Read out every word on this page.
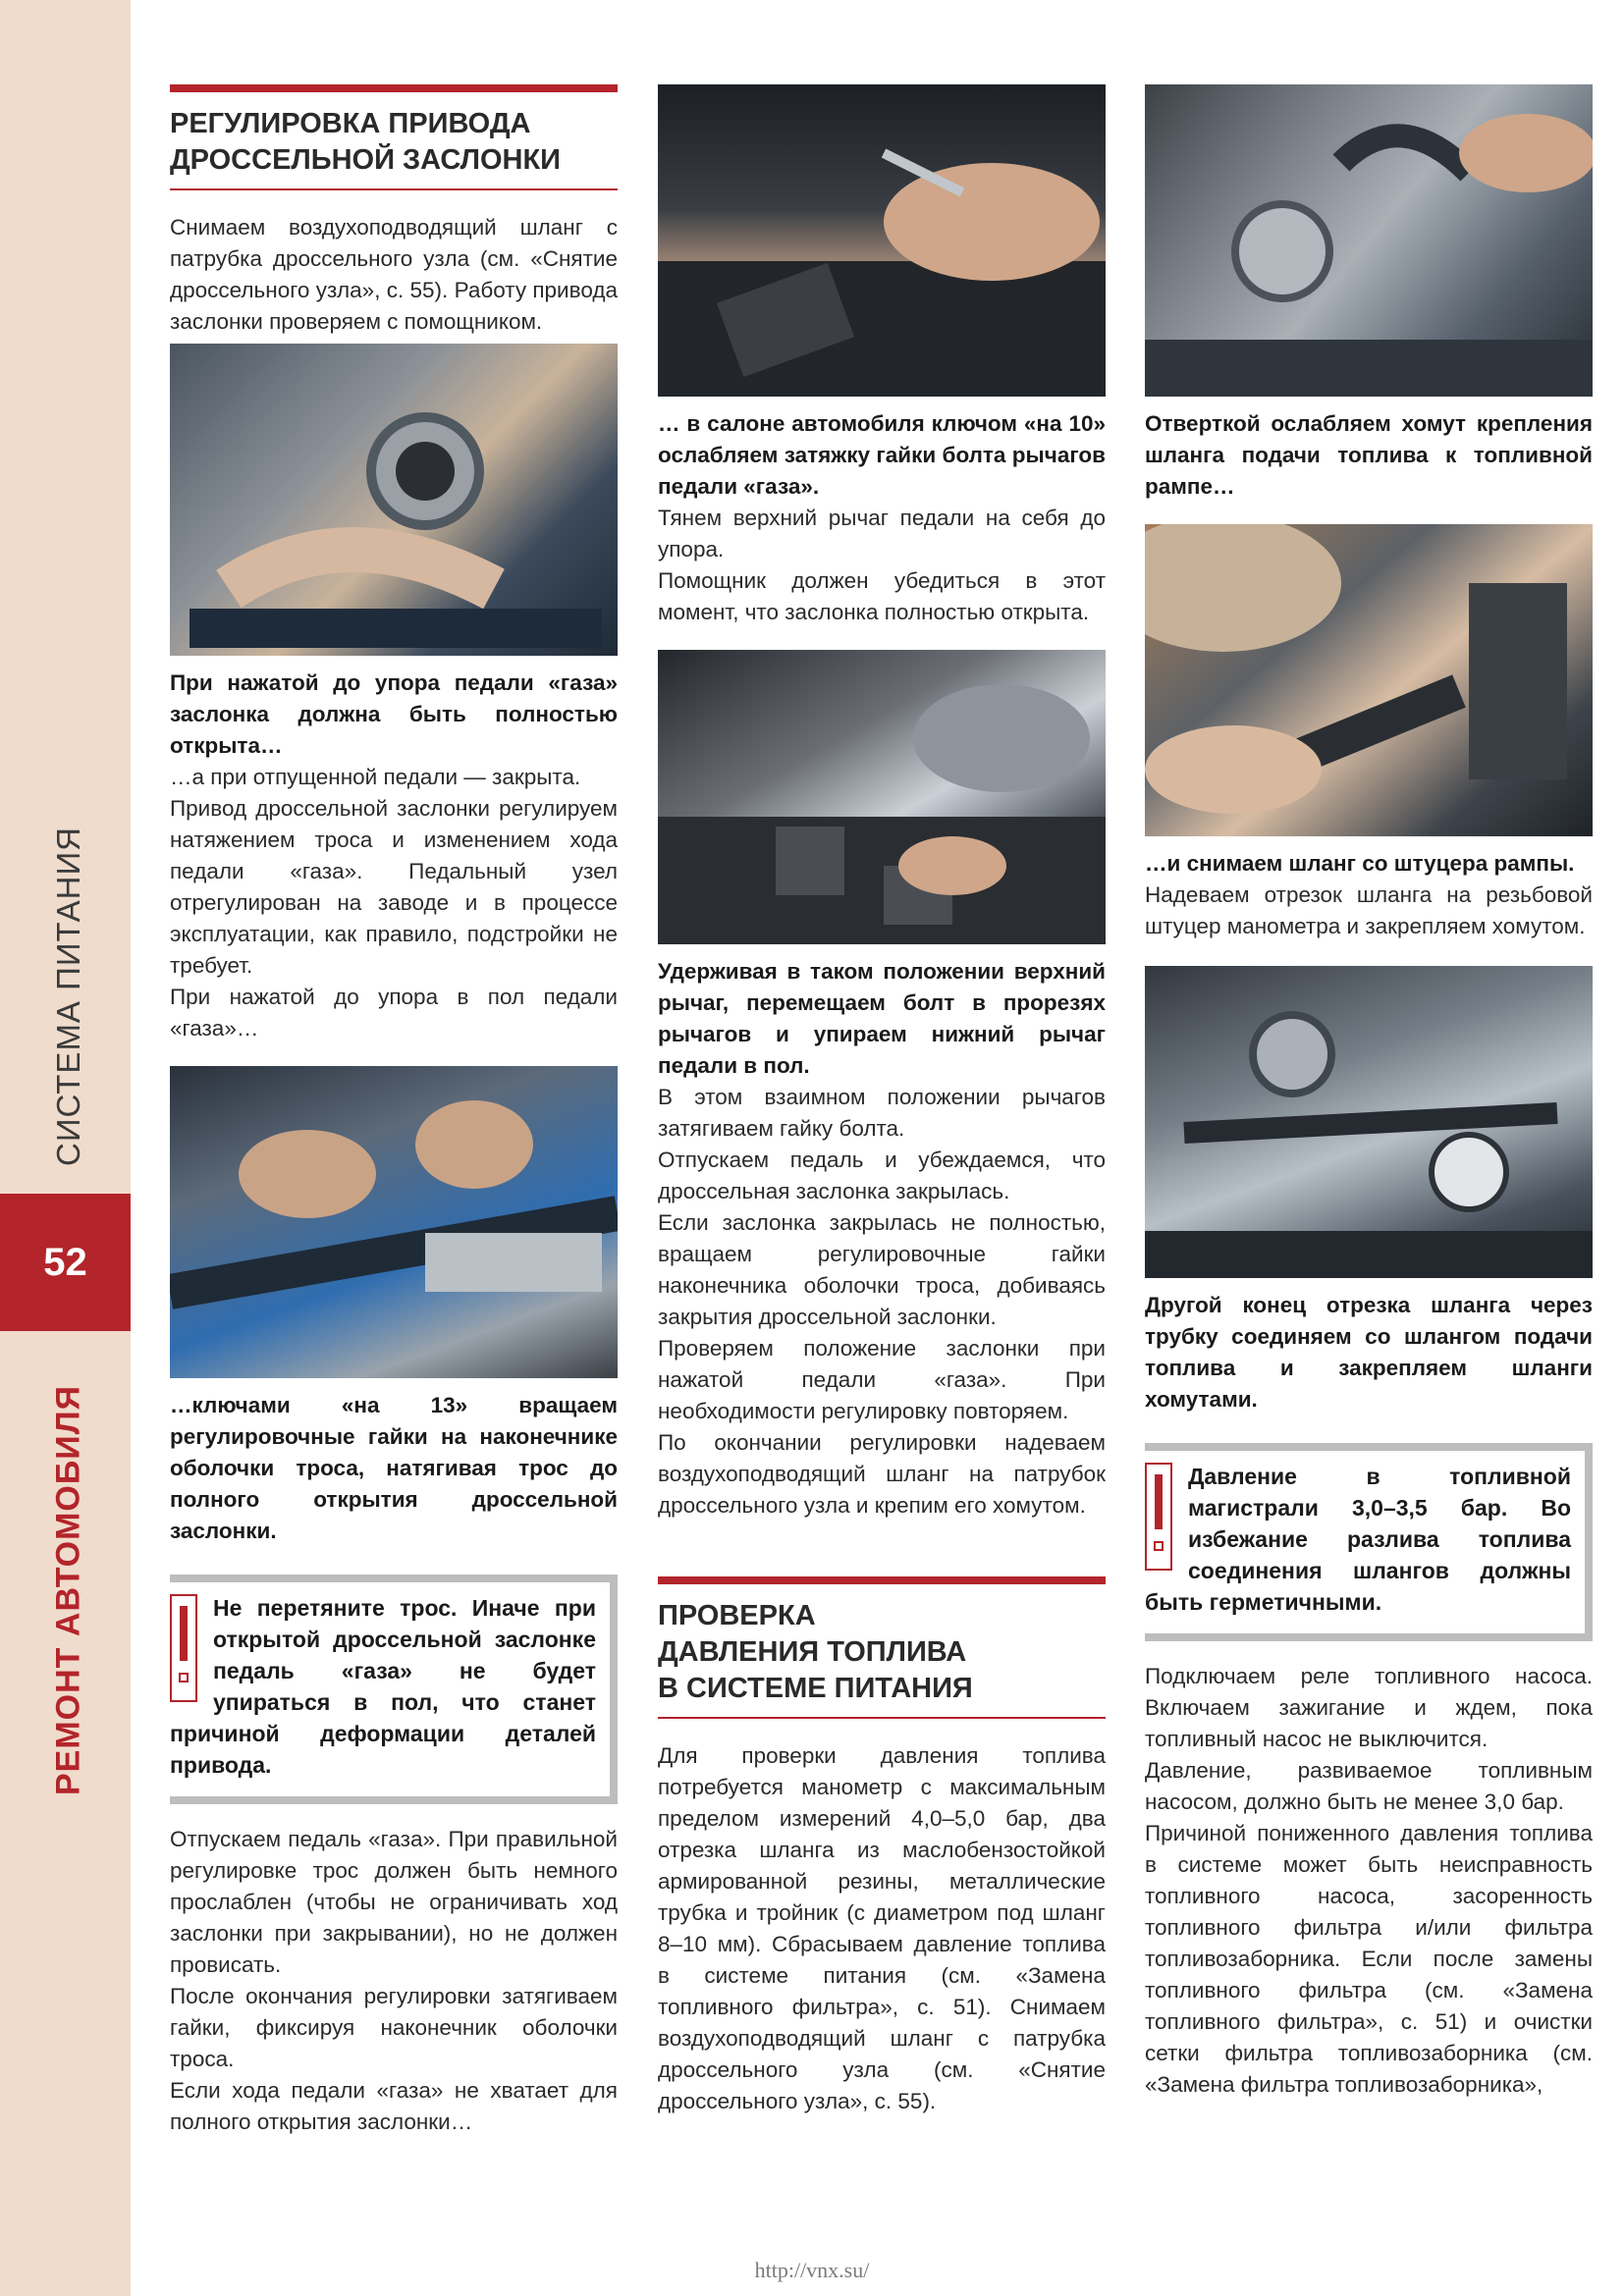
СИСТЕМА ПИТАНИЯ
52
РЕМОНТ АВТОМОБИЛЯ
РЕГУЛИРОВКА ПРИВОДА
ДРОССЕЛЬНОЙ ЗАСЛОНКИ

Снимаем воздухоподводящий шланг с патрубка дроссельного узла (см. «Снятие дроссельного узла», с. 55). Работу привода заслонки проверяем с помощником.

При нажатой до упора педали «газа» заслонка должна быть полностью открыта…

…а при отпущенной педали — закрыта.

Привод дроссельной заслонки регулируем натяжением троса и изменением хода педали «газа». Педальный узел отрегулирован на заводе и в процессе эксплуатации, как правило, подстройки не требует.

При нажатой до упора в пол педали «газа»…

…ключами «на 13» вращаем регулировочные гайки на наконечнике оболочки троса, натягивая трос до полного открытия дроссельной заслонки.

Не перетяните трос. Иначе при открытой дроссельной заслонке педаль «газа» не будет упираться в пол, что станет причиной деформации деталей привода.

Отпускаем педаль «газа». При правильной регулировке трос должен быть немного прослаблен (чтобы не ограничивать ход заслонки при закрывании), но не должен провисать.

После окончания регулировки затягиваем гайки, фиксируя наконечник оболочки троса.

Если хода педали «газа» не хватает для полного открытия заслонки…

… в салоне автомобиля ключом «на 10» ослабляем затяжку гайки болта рычагов педали «газа».

Тянем верхний рычаг педали на себя до упора.

Помощник должен убедиться в этот момент, что заслонка полностью открыта.

Удерживая в таком положении верхний рычаг, перемещаем болт в прорезях рычагов и упираем нижний рычаг педали в пол.

В этом взаимном положении рычагов затягиваем гайку болта.

Отпускаем педаль и убеждаемся, что дроссельная заслонка закрылась.

Если заслонка закрылась не полностью, вращаем регулировочные гайки наконечника оболочки троса, добиваясь закрытия дроссельной заслонки.

Проверяем положение заслонки при нажатой педали «газа». При необходимости регулировку повторяем.

По окончании регулировки надеваем воздухоподводящий шланг на патрубок дроссельного узла и крепим его хомутом.

ПРОВЕРКА
ДАВЛЕНИЯ ТОПЛИВА
В СИСТЕМЕ ПИТАНИЯ

Для проверки давления топлива потребуется манометр с максимальным пределом измерений 4,0–5,0 бар, два отрезка шланга из маслобензостойкой армированной резины, металлические трубка и тройник (с диаметром под шланг 8–10 мм). Сбрасываем давление топлива в системе питания (см. «Замена топливного фильтра», с. 51). Снимаем воздухоподводящий шланг с патрубка дроссельного узла (см. «Снятие дроссельного узла», с. 55).

Отверткой ослабляем хомут крепления шланга подачи топлива к топливной рампе…

…и снимаем шланг со штуцера рампы.

Надеваем отрезок шланга на резьбовой штуцер манометра и закрепляем хомутом.

Другой конец отрезка шланга через трубку соединяем со шлангом подачи топлива и закрепляем шланги хомутами.

Давление в топливной магистрали 3,0–3,5 бар. Во избежание разлива топлива соединения шлангов должны быть герметичными.

Подключаем реле топливного насоса. Включаем зажигание и ждем, пока топливный насос не выключится.

Давление, развиваемое топливным насосом, должно быть не менее 3,0 бар.

Причиной пониженного давления топлива в системе может быть неисправность топливного насоса, засоренность топливного фильтра и/или фильтра топливозаборника. Если после замены топливного фильтра (см. «Замена топливного фильтра», с. 51) и очистки сетки фильтра топливозаборника (см. «Замена фильтра топливозаборника»,

http://vnx.su/
